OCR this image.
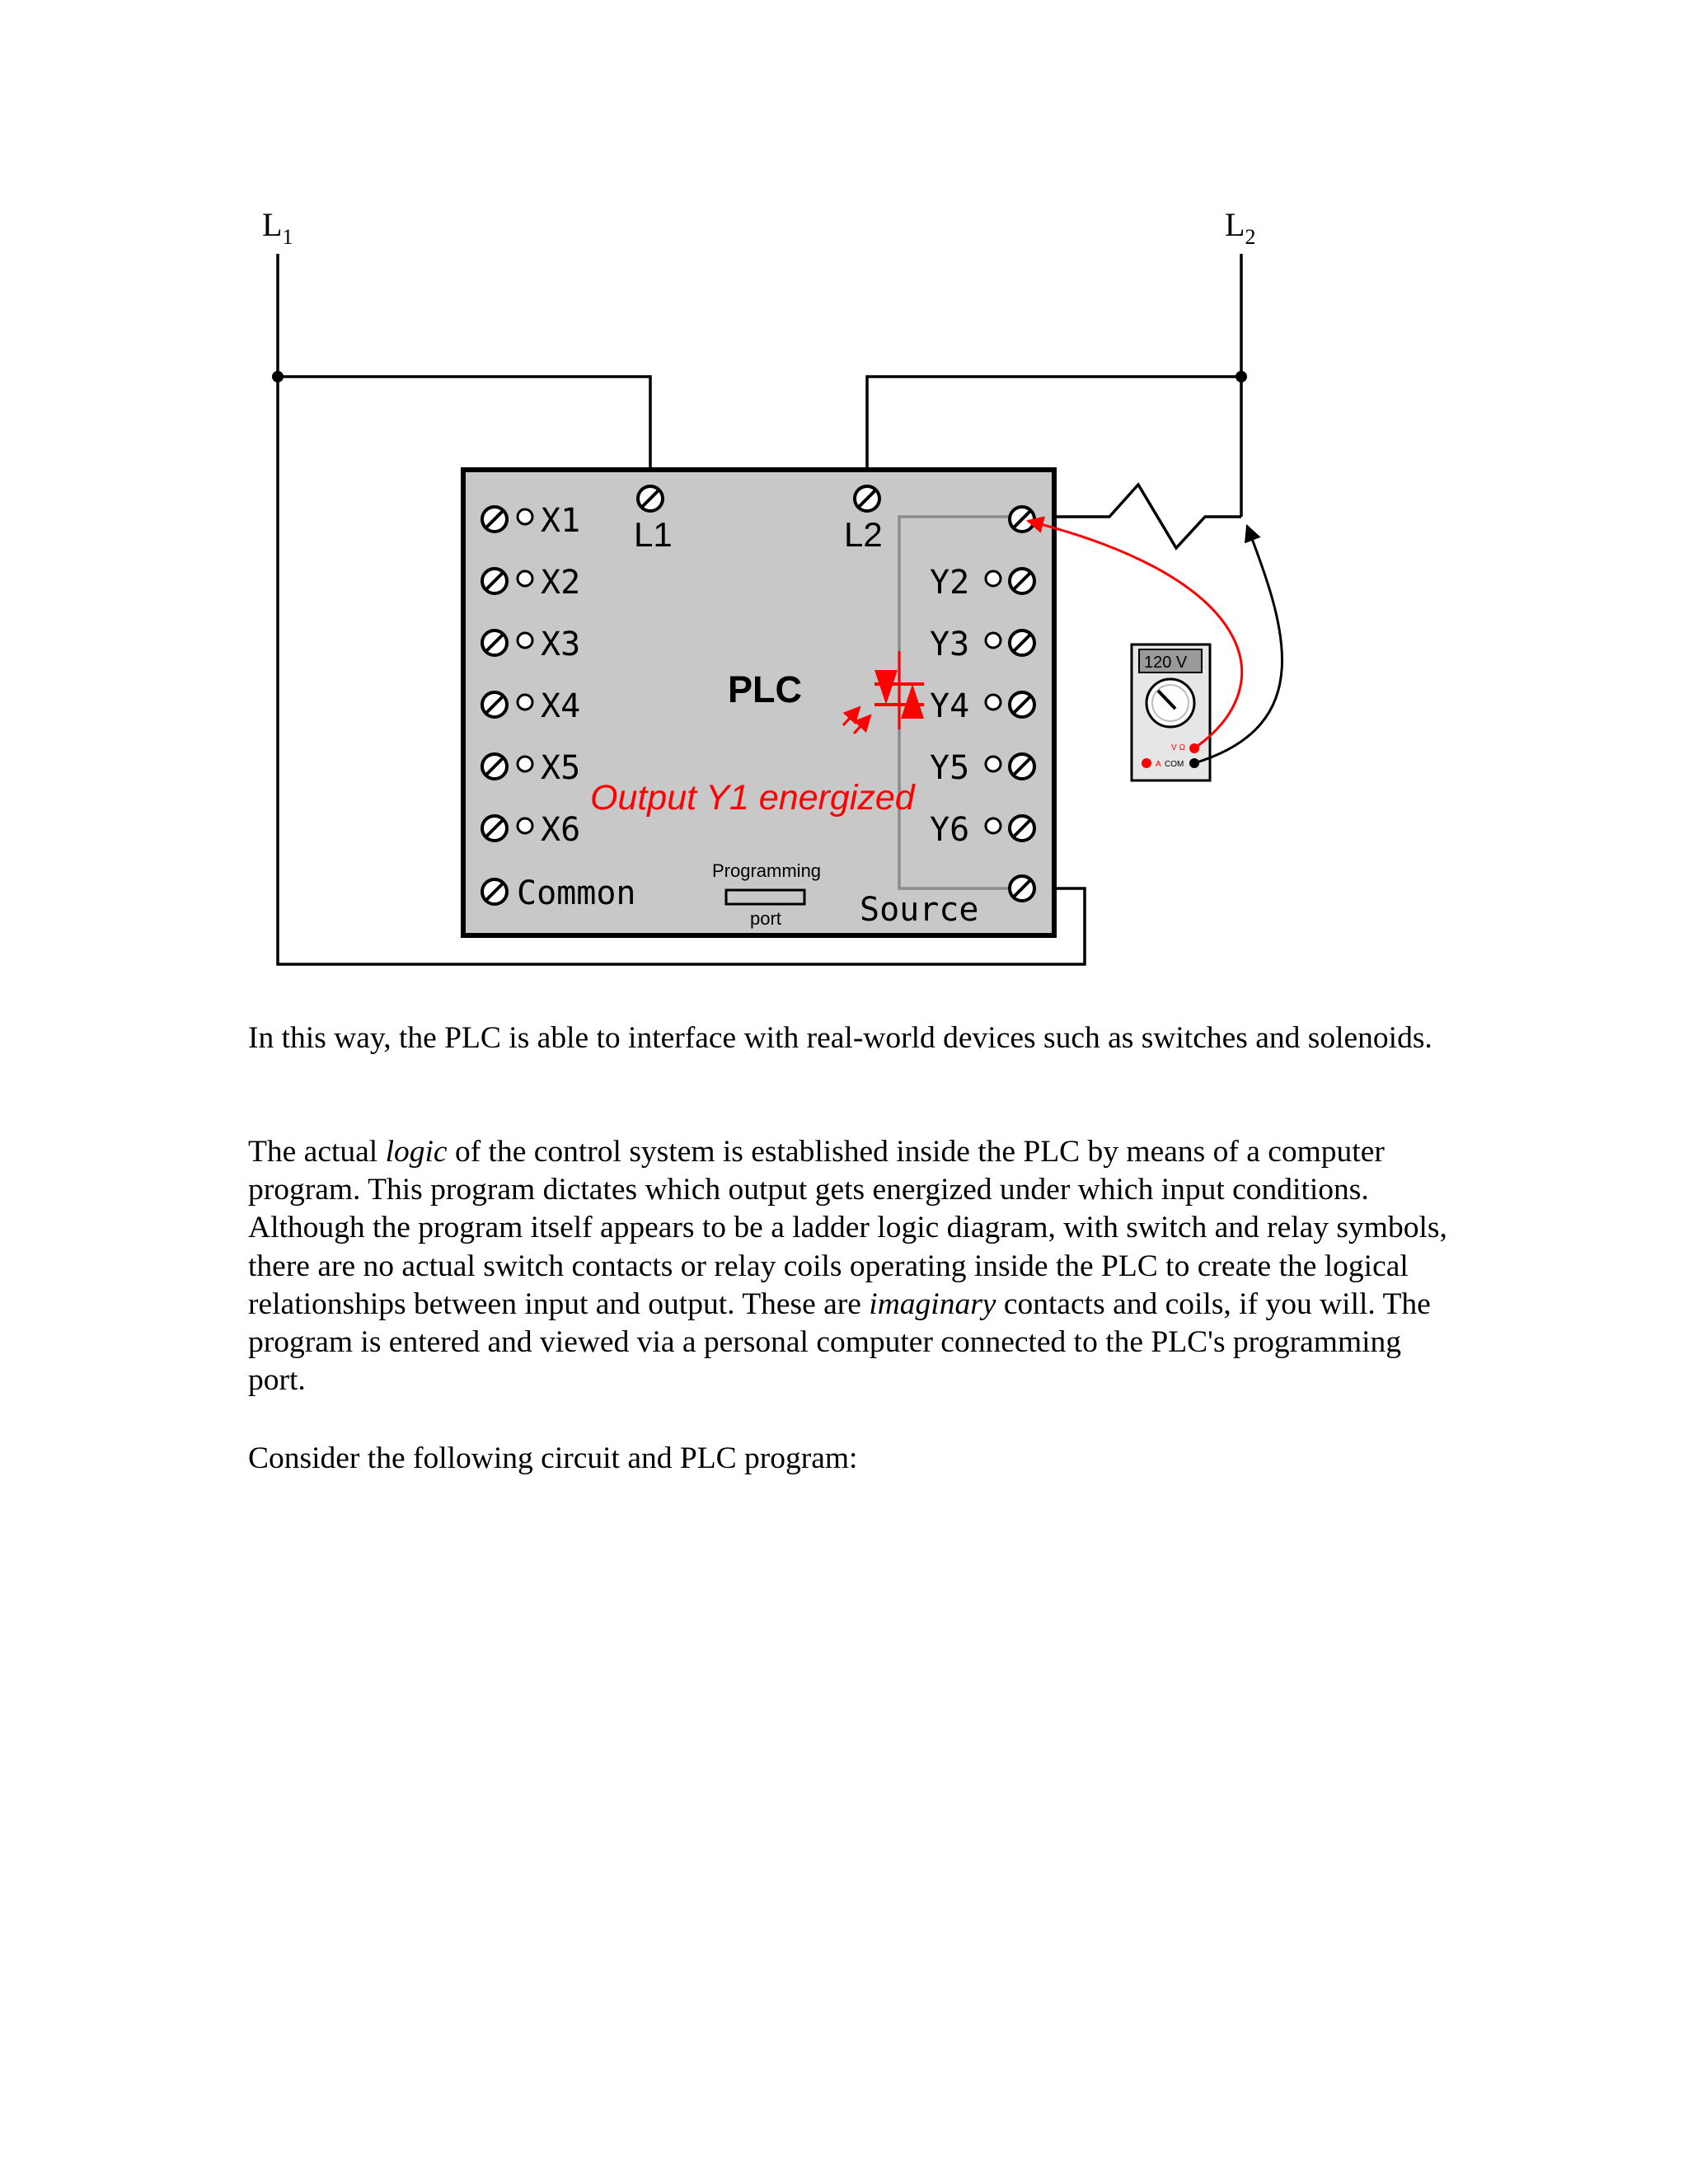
$L_1$	$L_2$
L1	L2
X1
X2
X3
X4
X5
X6
Common
Y2
Y3
Y4
Y5
Y6
Source
PLC
Output Y1 energized
Programming
port
120 V
V Ω
A COM

In this way, the PLC is able to interface with real-world devices such as switches and solenoids.

The actual logic of the control system is established inside the PLC by means of a computer program. This program dictates which output gets energized under which input conditions. Although the program itself appears to be a ladder logic diagram, with switch and relay symbols, there are no actual switch contacts or relay coils operating inside the PLC to create the logical relationships between input and output. These are imaginary contacts and coils, if you will. The program is entered and viewed via a personal computer connected to the PLC's programming port.

Consider the following circuit and PLC program:
